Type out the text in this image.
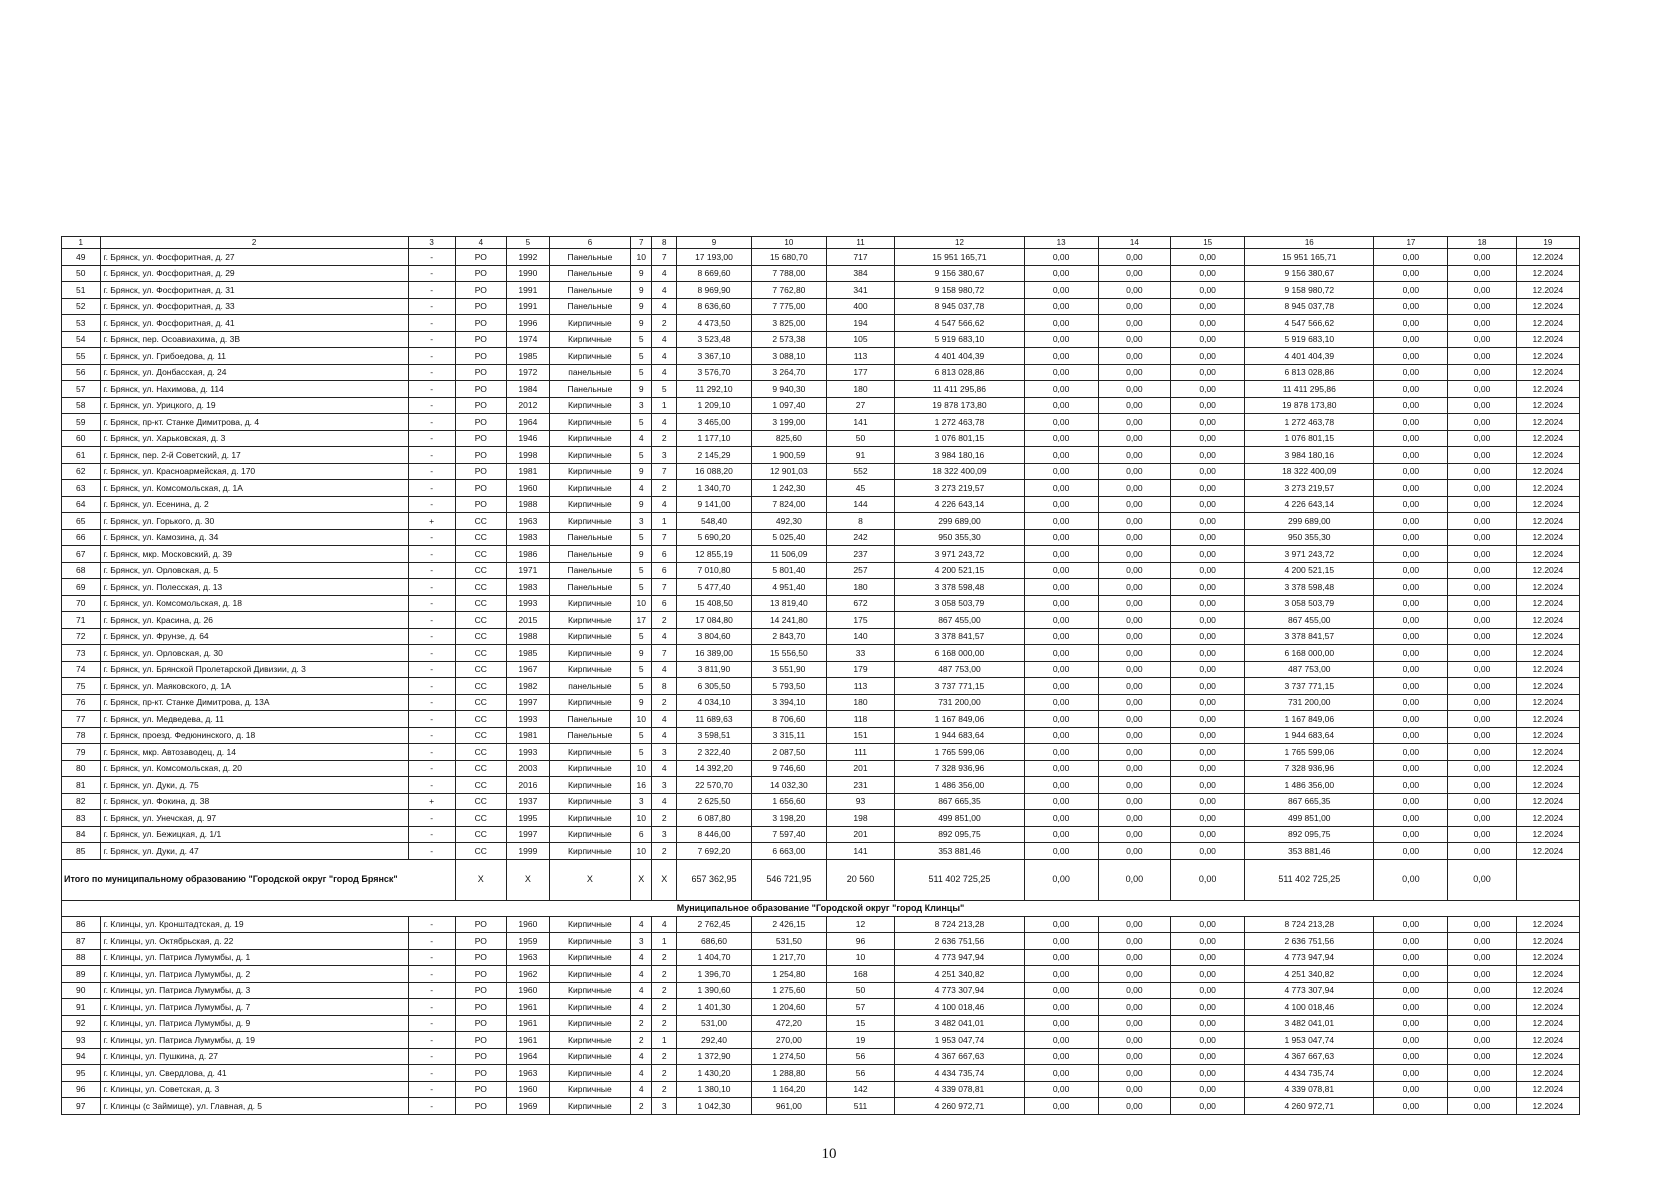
1	2	3	4	5	6	7	8	9	10	11	12	13	14	15	16	17	18	19
49	г. Брянск, ул. Фосфоритная, д. 27	-	РО	1992	Панельные	10	7	17 193,00	15 680,70	717	15 951 165,71	0,00	0,00	0,00	15 951 165,71	0,00	0,00	12.2024
50	г. Брянск, ул. Фосфоритная, д. 29	-	РО	1990	Панельные	9	4	8 669,60	7 788,00	384	9 156 380,67	0,00	0,00	0,00	9 156 380,67	0,00	0,00	12.2024
51	г. Брянск, ул. Фосфоритная, д. 31	-	РО	1991	Панельные	9	4	8 969,90	7 762,80	341	9 158 980,72	0,00	0,00	0,00	9 158 980,72	0,00	0,00	12.2024
52	г. Брянск, ул. Фосфоритная, д. 33	-	РО	1991	Панельные	9	4	8 636,60	7 775,00	400	8 945 037,78	0,00	0,00	0,00	8 945 037,78	0,00	0,00	12.2024
53	г. Брянск, ул. Фосфоритная, д. 41	-	РО	1996	Кирпичные	9	2	4 473,50	3 825,00	194	4 547 566,62	0,00	0,00	0,00	4 547 566,62	0,00	0,00	12.2024
54	г. Брянск, пер. Осоавиахима, д. 3В	-	РО	1974	Кирпичные	5	4	3 523,48	2 573,38	105	5 919 683,10	0,00	0,00	0,00	5 919 683,10	0,00	0,00	12.2024
55	г. Брянск, ул. Грибоедова, д. 11	-	РО	1985	Кирпичные	5	4	3 367,10	3 088,10	113	4 401 404,39	0,00	0,00	0,00	4 401 404,39	0,00	0,00	12.2024
56	г. Брянск, ул. Донбасская, д. 24	-	РО	1972	панельные	5	4	3 576,70	3 264,70	177	6 813 028,86	0,00	0,00	0,00	6 813 028,86	0,00	0,00	12.2024
57	г. Брянск, ул. Нахимова, д. 114	-	РО	1984	Панельные	9	5	11 292,10	9 940,30	180	11 411 295,86	0,00	0,00	0,00	11 411 295,86	0,00	0,00	12.2024
58	г. Брянск, ул. Урицкого, д. 19	-	РО	2012	Кирпичные	3	1	1 209,10	1 097,40	27	19 878 173,80	0,00	0,00	0,00	19 878 173,80	0,00	0,00	12.2024
59	г. Брянск, пр-кт. Станке Димитрова, д. 4	-	РО	1964	Кирпичные	5	4	3 465,00	3 199,00	141	1 272 463,78	0,00	0,00	0,00	1 272 463,78	0,00	0,00	12.2024
60	г. Брянск, ул. Харьковская, д. 3	-	РО	1946	Кирпичные	4	2	1 177,10	825,60	50	1 076 801,15	0,00	0,00	0,00	1 076 801,15	0,00	0,00	12.2024
61	г. Брянск, пер. 2-й Советский, д. 17	-	РО	1998	Кирпичные	5	3	2 145,29	1 900,59	91	3 984 180,16	0,00	0,00	0,00	3 984 180,16	0,00	0,00	12.2024
62	г. Брянск, ул. Красноармейская, д. 170	-	РО	1981	Кирпичные	9	7	16 088,20	12 901,03	552	18 322 400,09	0,00	0,00	0,00	18 322 400,09	0,00	0,00	12.2024
63	г. Брянск, ул. Комсомольская, д. 1А	-	РО	1960	Кирпичные	4	2	1 340,70	1 242,30	45	3 273 219,57	0,00	0,00	0,00	3 273 219,57	0,00	0,00	12.2024
64	г. Брянск, ул. Есенина, д. 2	-	РО	1988	Кирпичные	9	4	9 141,00	7 824,00	144	4 226 643,14	0,00	0,00	0,00	4 226 643,14	0,00	0,00	12.2024
65	г. Брянск, ул. Горького, д. 30	+	СС	1963	Кирпичные	3	1	548,40	492,30	8	299 689,00	0,00	0,00	0,00	299 689,00	0,00	0,00	12.2024
66	г. Брянск, ул. Камозина, д. 34	-	СС	1983	Панельные	5	7	5 690,20	5 025,40	242	950 355,30	0,00	0,00	0,00	950 355,30	0,00	0,00	12.2024
67	г. Брянск, мкр. Московский, д. 39	-	СС	1986	Панельные	9	6	12 855,19	11 506,09	237	3 971 243,72	0,00	0,00	0,00	3 971 243,72	0,00	0,00	12.2024
68	г. Брянск, ул. Орловская, д. 5	-	СС	1971	Панельные	5	6	7 010,80	5 801,40	257	4 200 521,15	0,00	0,00	0,00	4 200 521,15	0,00	0,00	12.2024
69	г. Брянск, ул. Полесская, д. 13	-	СС	1983	Панельные	5	7	5 477,40	4 951,40	180	3 378 598,48	0,00	0,00	0,00	3 378 598,48	0,00	0,00	12.2024
70	г. Брянск, ул. Комсомольская, д. 18	-	СС	1993	Кирпичные	10	6	15 408,50	13 819,40	672	3 058 503,79	0,00	0,00	0,00	3 058 503,79	0,00	0,00	12.2024
71	г. Брянск, ул. Красина, д. 26	-	СС	2015	Кирпичные	17	2	17 084,80	14 241,80	175	867 455,00	0,00	0,00	0,00	867 455,00	0,00	0,00	12.2024
72	г. Брянск, ул. Фрунзе, д. 64	-	СС	1988	Кирпичные	5	4	3 804,60	2 843,70	140	3 378 841,57	0,00	0,00	0,00	3 378 841,57	0,00	0,00	12.2024
73	г. Брянск, ул. Орловская, д. 30	-	СС	1985	Кирпичные	9	7	16 389,00	15 556,50	33	6 168 000,00	0,00	0,00	0,00	6 168 000,00	0,00	0,00	12.2024
74	г. Брянск, ул. Брянской Пролетарской Дивизии, д. 3	-	СС	1967	Кирпичные	5	4	3 811,90	3 551,90	179	487 753,00	0,00	0,00	0,00	487 753,00	0,00	0,00	12.2024
75	г. Брянск, ул. Маяковского, д. 1А	-	СС	1982	панельные	5	8	6 305,50	5 793,50	113	3 737 771,15	0,00	0,00	0,00	3 737 771,15	0,00	0,00	12.2024
76	г. Брянск, пр-кт. Станке Димитрова, д. 13А	-	СС	1997	Кирпичные	9	2	4 034,10	3 394,10	180	731 200,00	0,00	0,00	0,00	731 200,00	0,00	0,00	12.2024
77	г. Брянск, ул. Медведева, д. 11	-	СС	1993	Панельные	10	4	11 689,63	8 706,60	118	1 167 849,06	0,00	0,00	0,00	1 167 849,06	0,00	0,00	12.2024
78	г. Брянск, проезд. Федюнинского, д. 18	-	СС	1981	Панельные	5	4	3 598,51	3 315,11	151	1 944 683,64	0,00	0,00	0,00	1 944 683,64	0,00	0,00	12.2024
79	г. Брянск, мкр. Автозаводец, д. 14	-	СС	1993	Кирпичные	5	3	2 322,40	2 087,50	111	1 765 599,06	0,00	0,00	0,00	1 765 599,06	0,00	0,00	12.2024
80	г. Брянск, ул. Комсомольская, д. 20	-	СС	2003	Кирпичные	10	4	14 392,20	9 746,60	201	7 328 936,96	0,00	0,00	0,00	7 328 936,96	0,00	0,00	12.2024
81	г. Брянск, ул. Дуки, д. 75	-	СС	2016	Кирпичные	16	3	22 570,70	14 032,30	231	1 486 356,00	0,00	0,00	0,00	1 486 356,00	0,00	0,00	12.2024
82	г. Брянск, ул. Фокина, д. 38	+	СС	1937	Кирпичные	3	4	2 625,50	1 656,60	93	867 665,35	0,00	0,00	0,00	867 665,35	0,00	0,00	12.2024
83	г. Брянск, ул. Унечская, д. 97	-	СС	1995	Кирпичные	10	2	6 087,80	3 198,20	198	499 851,00	0,00	0,00	0,00	499 851,00	0,00	0,00	12.2024
84	г. Брянск, ул. Бежицкая, д. 1/1	-	СС	1997	Кирпичные	6	3	8 446,00	7 597,40	201	892 095,75	0,00	0,00	0,00	892 095,75	0,00	0,00	12.2024
85	г. Брянск, ул. Дуки, д. 47	-	СС	1999	Кирпичные	10	2	7 692,20	6 663,00	141	353 881,46	0,00	0,00	0,00	353 881,46	0,00	0,00	12.2024
Итого по муниципальному образованию "Городской округ "город Брянск"			X	X	X	X	X	657 362,95	546 721,95	20 560	511 402 725,25	0,00	0,00	0,00	511 402 725,25	0,00	0,00	
Муниципальное образование "Городской округ "город Клинцы"																		
86	г. Клинцы, ул. Кронштадтская, д. 19	-	РО	1960	Кирпичные	4	4	2 762,45	2 426,15	12	8 724 213,28	0,00	0,00	0,00	8 724 213,28	0,00	0,00	12.2024
87	г. Клинцы, ул. Октябрьская, д. 22	-	РО	1959	Кирпичные	3	1	686,60	531,50	96	2 636 751,56	0,00	0,00	0,00	2 636 751,56	0,00	0,00	12.2024
88	г. Клинцы, ул. Патриса Лумумбы, д. 1	-	РО	1963	Кирпичные	4	2	1 404,70	1 217,70	10	4 773 947,94	0,00	0,00	0,00	4 773 947,94	0,00	0,00	12.2024
89	г. Клинцы, ул. Патриса Лумумбы, д. 2	-	РО	1962	Кирпичные	4	2	1 396,70	1 254,80	168	4 251 340,82	0,00	0,00	0,00	4 251 340,82	0,00	0,00	12.2024
90	г. Клинцы, ул. Патриса Лумумбы, д. 3	-	РО	1960	Кирпичные	4	2	1 390,60	1 275,60	50	4 773 307,94	0,00	0,00	0,00	4 773 307,94	0,00	0,00	12.2024
91	г. Клинцы, ул. Патриса Лумумбы, д. 7	-	РО	1961	Кирпичные	4	2	1 401,30	1 204,60	57	4 100 018,46	0,00	0,00	0,00	4 100 018,46	0,00	0,00	12.2024
92	г. Клинцы, ул. Патриса Лумумбы, д. 9	-	РО	1961	Кирпичные	2	2	531,00	472,20	15	3 482 041,01	0,00	0,00	0,00	3 482 041,01	0,00	0,00	12.2024
93	г. Клинцы, ул. Патриса Лумумбы, д. 19	-	РО	1961	Кирпичные	2	1	292,40	270,00	19	1 953 047,74	0,00	0,00	0,00	1 953 047,74	0,00	0,00	12.2024
94	г. Клинцы, ул. Пушкина, д. 27	-	РО	1964	Кирпичные	4	2	1 372,90	1 274,50	56	4 367 667,63	0,00	0,00	0,00	4 367 667,63	0,00	0,00	12.2024
95	г. Клинцы, ул. Свердлова, д. 41	-	РО	1963	Кирпичные	4	2	1 430,20	1 288,80	56	4 434 735,74	0,00	0,00	0,00	4 434 735,74	0,00	0,00	12.2024
96	г. Клинцы, ул. Советская, д. 3	-	РО	1960	Кирпичные	4	2	1 380,10	1 164,20	142	4 339 078,81	0,00	0,00	0,00	4 339 078,81	0,00	0,00	12.2024
97	г. Клинцы (с Займище), ул. Главная, д. 5	-	РО	1969	Кирпичные	2	3	1 042,30	961,00	511	4 260 972,71	0,00	0,00	0,00	4 260 972,71	0,00	0,00	12.2024
10
